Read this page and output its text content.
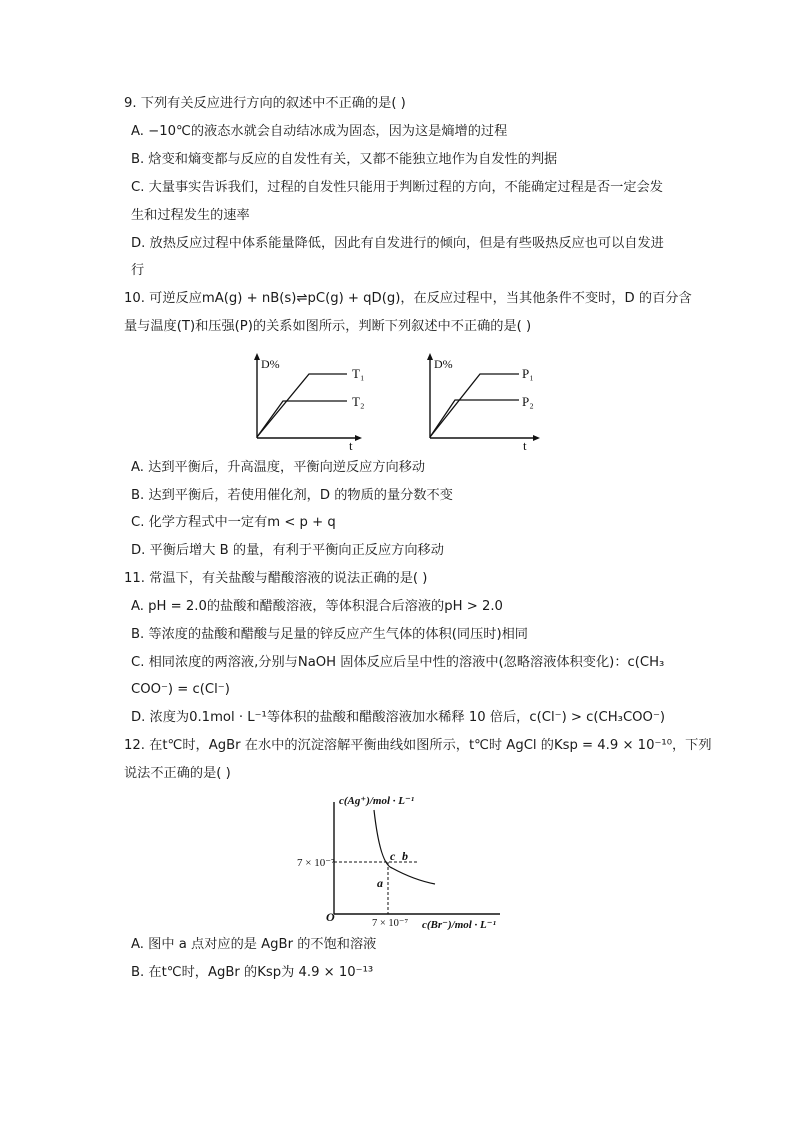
9. 下列有关反应进行方向的叙述中不正确的是( )
A. −10℃的液态水就会自动结冰成为固态，因为这是熵增的过程
B. 焓变和熵变都与反应的自发性有关，又都不能独立地作为自发性的判据
C. 大量事实告诉我们，过程的自发性只能用于判断过程的方向，不能确定过程是否一定会发
生和过程发生的速率
D. 放热反应过程中体系能量降低，因此有自发进行的倾向，但是有些吸热反应也可以自发进
行
10. 可逆反应mA(g) + nB(s)⇌pC(g) + qD(g)，在反应过程中，当其他条件不变时，D 的百分含
量与温度(T)和压强(P)的关系如图所示，判断下列叙述中不正确的是( )
D%
t
T₁
T₂
D%
t
P₁
P₂
A. 达到平衡后，升高温度，平衡向逆反应方向移动
B. 达到平衡后，若使用催化剂，D 的物质的量分数不变
C. 化学方程式中一定有m < p + q
D. 平衡后增大 B 的量，有利于平衡向正反应方向移动
11. 常温下，有关盐酸与醋酸溶液的说法正确的是( )
A. pH = 2.0的盐酸和醋酸溶液，等体积混合后溶液的pH > 2.0
B. 等浓度的盐酸和醋酸与足量的锌反应产生气体的体积(同压时)相同
C. 相同浓度的两溶液,分别与NaOH 固体反应后呈中性的溶液中(忽略溶液体积变化)：c(CH₃
COO⁻) = c(Cl⁻)
D. 浓度为0.1mol · L⁻¹等体积的盐酸和醋酸溶液加水稀释 10 倍后，c(Cl⁻) > c(CH₃COO⁻)
12. 在t℃时，AgBr 在水中的沉淀溶解平衡曲线如图所示，t℃时 AgCl 的Ksp = 4.9 × 10⁻¹⁰，下列
说法不正确的是( )
c(Ag⁺)/mol · L⁻¹
c(Br⁻)/mol · L⁻¹
O
7 × 10⁻⁷
7 × 10⁻⁷
c b
a
A. 图中 a 点对应的是 AgBr 的不饱和溶液
B. 在t℃时，AgBr 的Ksp为 4.9 × 10⁻¹³
